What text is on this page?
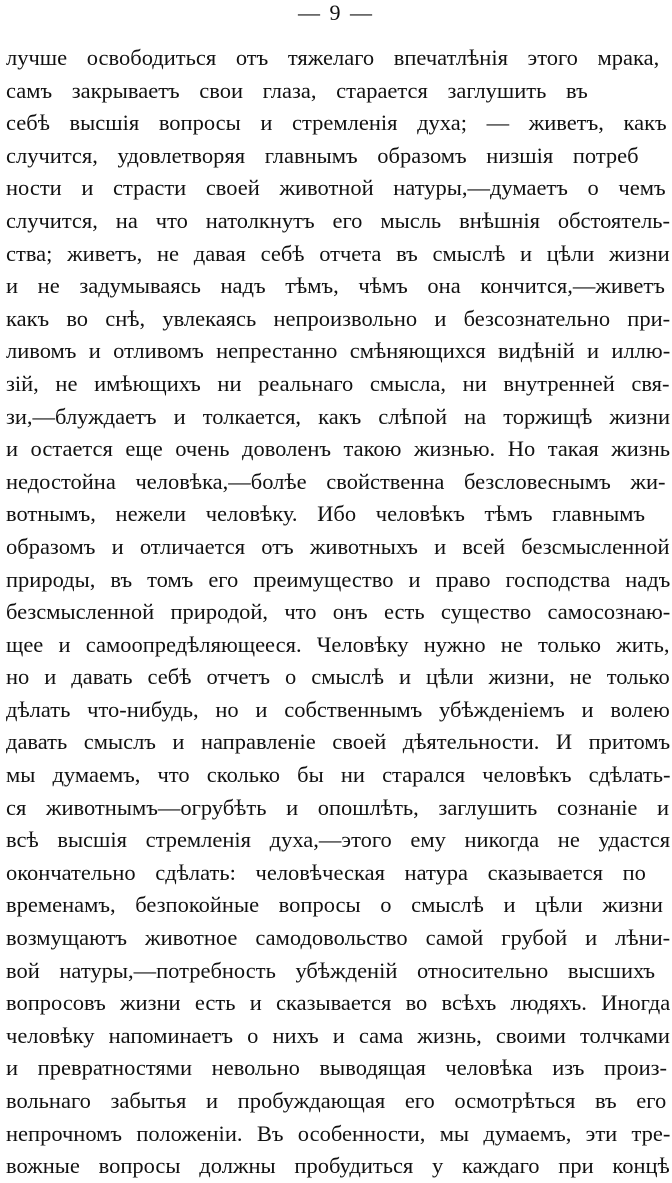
— 9 —
лучше освободиться отъ тяжелаго впечатлѣнія этого мрака,
самъ закрываетъ свои глаза, старается заглушить въ
себѣ высшія вопросы и стремленія духа; — живетъ, какъ
случится, удовлетворяя главнымъ образомъ низшія потреб
ности и страсти своей животной натуры,—думаетъ о чемъ
случится, на что натолкнутъ его мысль внѣшнія обстоятель-
ства; живетъ, не давая себѣ отчета въ смыслѣ и цѣли жизни
и не задумываясь надъ тѣмъ, чѣмъ она кончится,—живетъ
какъ во снѣ, увлекаясь непроизвольно и безсознательно при-
ливомъ и отливомъ непрестанно смѣняющихся видѣній и иллю-
зій, не имѣющихъ ни реальнаго смысла, ни внутренней свя-
зи,—блуждаетъ и толкается, какъ слѣпой на торжищѣ жизни
и остается еще очень доволенъ такою жизнью. Но такая жизнь
недостойна человѣка,—болѣе свойственна безсловеснымъ жи-
вотнымъ, нежели человѣку. Ибо человѣкъ тѣмъ главнымъ
образомъ и отличается отъ животныхъ и всей безсмысленной
природы, въ томъ его преимущество и право господства надъ
безсмысленной природой, что онъ есть существо самосознаю-
щее и самоопредѣляющееся. Человѣку нужно не только жить,
но и давать себѣ отчетъ о смыслѣ и цѣли жизни, не только
дѣлать что-нибудь, но и собственнымъ убѣжденіемъ и волею
давать смыслъ и направленіе своей дѣятельности. И притомъ
мы думаемъ, что сколько бы ни старался человѣкъ сдѣлать-
ся животнымъ—огрубѣть и опошлѣть, заглушить сознаніе и
всѣ высшія стремленія духа,—этого ему никогда не удастся
окончательно сдѣлать: человѣческая натура сказывается по
временамъ, безпокойные вопросы о смыслѣ и цѣли жизни
возмущаютъ животное самодовольство самой грубой и лѣни-
вой натуры,—потребность убѣжденій относительно высшихъ
вопросовъ жизни есть и сказывается во всѣхъ людяхъ. Иногда
человѣку напоминаетъ о нихъ и сама жизнь, своими толчками
и превратностями невольно выводящая человѣка изъ произ-
вольнаго забытья и пробуждающая его осмотрѣться въ его
непрочномъ положеніи. Въ особенности, мы думаемъ, эти тре-
вожные вопросы должны пробудиться у каждаго при концѣ
